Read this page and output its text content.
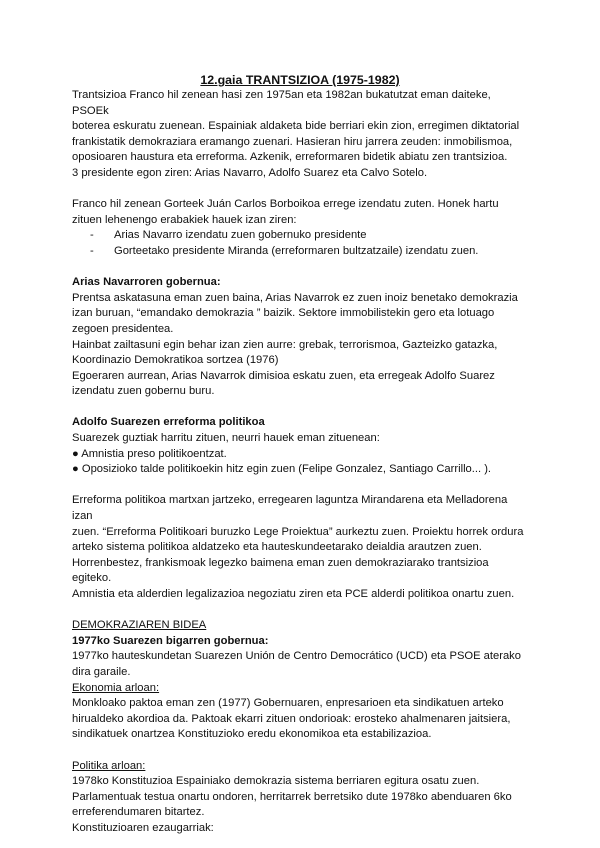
12.gaia TRANTSIZIOA (1975-1982)

Trantsizioa Franco hil zenean hasi zen 1975an eta 1982an bukatutzat eman daiteke, PSOEk

boterea eskuratu zuenean. Espainiak aldaketa bide berriari ekin zion, erregimen diktatorial

frankistatik demokraziara eramango zuenari. Hasieran hiru jarrera zeuden: inmobilismoa,

oposioaren haustura eta erreforma. Azkenik, erreformaren bidetik abiatu zen trantsizioa.

3 presidente egon ziren: Arias Navarro, Adolfo Suarez eta Calvo Sotelo.

Franco hil zenean Gorteek Juán Carlos Borboikoa errege izendatu zuten. Honek hartu

zituen lehenengo erabakiek hauek izan ziren:

- Arias Navarro izendatu zuen gobernuko presidente
- Gorteetako presidente Miranda (erreformaren bultzatzaile) izendatu zuen.

Arias Navarroren gobernua:

Prentsa askatasuna eman zuen baina, Arias Navarrok ez zuen inoiz benetako demokrazia

izan buruan, “emandako demokrazia ” baizik. Sektore immobilistekin gero eta lotuago

zegoen presidentea.

Hainbat zailtasuni egin behar izan zien aurre: grebak, terrorismoa, Gazteizko gatazka,

Koordinazio Demokratikoa sortzea (1976)

Egoeraren aurrean, Arias Navarrok dimisioa eskatu zuen, eta erregeak Adolfo Suarez

izendatu zuen gobernu buru.

Adolfo Suarezen erreforma politikoa

Suarezek guztiak harritu zituen, neurri hauek eman zituenean:

● Amnistia preso politikoentzat.

● Oposizioko talde politikoekin hitz egin zuen (Felipe Gonzalez, Santiago Carrillo... ).

Erreforma politikoa martxan jartzeko, erregearen laguntza Mirandarena eta Melladorena izan

zuen. “Erreforma Politikoari buruzko Lege Proiektua” aurkeztu zuen. Proiektu horrek ordura

arteko sistema politikoa aldatzeko eta hauteskundeetarako deialdia arautzen zuen.

Horrenbestez, frankismoak legezko baimena eman zuen demokraziarako trantsizioa egiteko.

Amnistia eta alderdien legalizazioa negoziatu ziren eta PCE alderdi politikoa onartu zuen.

DEMOKRAZIAREN BIDEA

1977ko Suarezen bigarren gobernua:

1977ko hauteskundetan Suarezen Unión de Centro Democrático (UCD) eta PSOE aterako

dira garaile.

Ekonomia arloan:

Monkloako paktoa eman zen (1977) Gobernuaren, enpresarioen eta sindikatuen arteko

hirualdeko akordioa da. Paktoak ekarri zituen ondorioak: erosteko ahalmenaren jaitsiera,

sindikatuek onartzea Konstituzioko eredu ekonomikoa eta estabilizazioa.

Politika arloan:

1978ko Konstituzioa Espainiako demokrazia sistema berriaren egitura osatu zuen.

Parlamentuak testua onartu ondoren, herritarrek berretsiko dute 1978ko abenduaren 6ko

erreferendumaren bitartez.

Konstituzioaren ezaugarriak:
